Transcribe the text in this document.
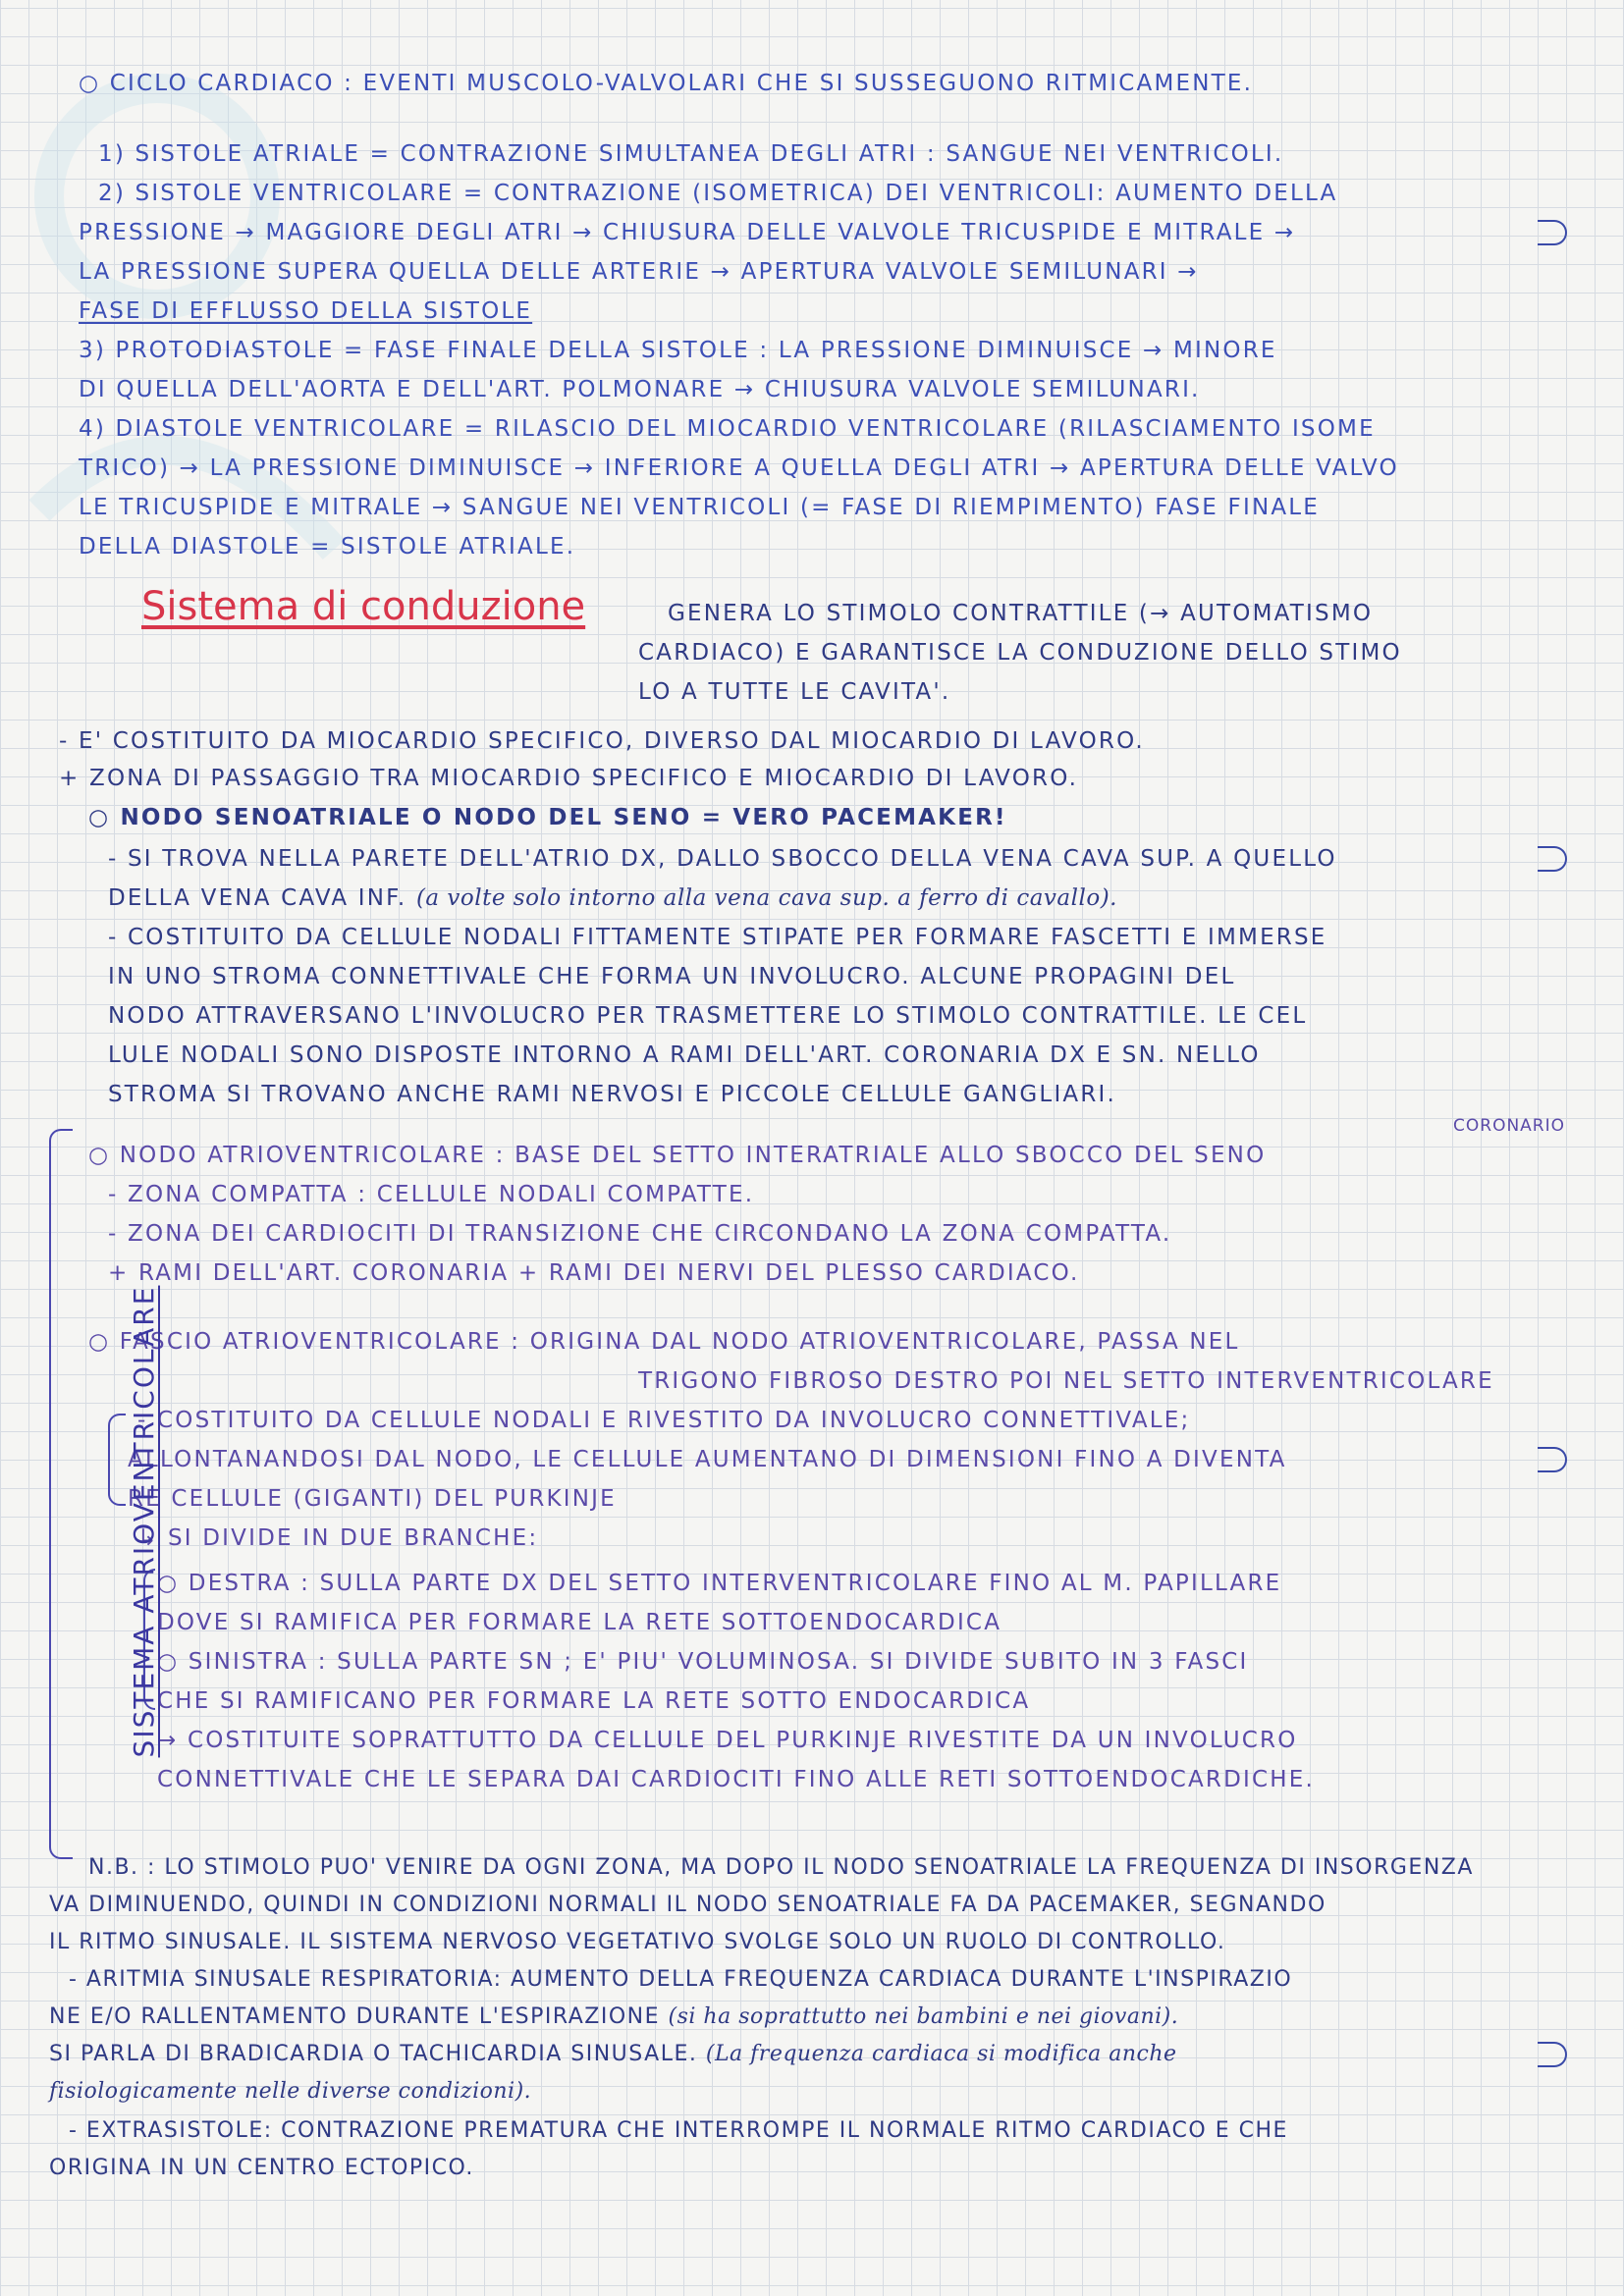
○ CICLO CARDIACO : EVENTI MUSCOLO-VALVOLARI CHE SI SUSSEGUONO RITMICAMENTE.
1) SISTOLE ATRIALE = CONTRAZIONE SIMULTANEA DEGLI ATRI : SANGUE NEI VENTRICOLI.
2) SISTOLE VENTRICOLARE = CONTRAZIONE (ISOMETRICA) DEI VENTRICOLI: AUMENTO DELLA
PRESSIONE → MAGGIORE DEGLI ATRI → CHIUSURA DELLE VALVOLE TRICUSPIDE E MITRALE →
LA PRESSIONE SUPERA QUELLA DELLE ARTERIE → APERTURA VALVOLE SEMILUNARI →
FASE DI EFFLUSSO DELLA SISTOLE
3) PROTODIASTOLE = FASE FINALE DELLA SISTOLE : LA PRESSIONE DIMINUISCE → MINORE
DI QUELLA DELL'AORTA E DELL'ART. POLMONARE → CHIUSURA VALVOLE SEMILUNARI.
4) DIASTOLE VENTRICOLARE = RILASCIO DEL MIOCARDIO VENTRICOLARE (RILASCIAMENTO ISOME
TRICO) → LA PRESSIONE DIMINUISCE → INFERIORE A QUELLA DEGLI ATRI → APERTURA DELLE VALVO
LE TRICUSPIDE E MITRALE → SANGUE NEI VENTRICOLI (= FASE DI RIEMPIMENTO) FASE FINALE
DELLA DIASTOLE = SISTOLE ATRIALE.
Sistema di conduzione	GENERA LO STIMOLO CONTRATTILE (→ AUTOMATISMO
CARDIACO) E GARANTISCE LA CONDUZIONE DELLO STIMO
LO A TUTTE LE CAVITA'.
- E' COSTITUITO DA MIOCARDIO SPECIFICO, DIVERSO DAL MIOCARDIO DI LAVORO.
+ ZONA DI PASSAGGIO TRA MIOCARDIO SPECIFICO E MIOCARDIO DI LAVORO.
○ NODO SENOATRIALE O NODO DEL SENO = VERO PACEMAKER!
- SI TROVA NELLA PARETE DELL'ATRIO DX, DALLO SBOCCO DELLA VENA CAVA SUP. A QUELLO
DELLA VENA CAVA INF. (a volte solo intorno alla vena cava sup. a ferro di cavallo).
- COSTITUITO DA CELLULE NODALI FITTAMENTE STIPATE PER FORMARE FASCETTI E IMMERSE
IN UNO STROMA CONNETTIVALE CHE FORMA UN INVOLUCRO. ALCUNE PROPAGINI DEL
NODO ATTRAVERSANO L'INVOLUCRO PER TRASMETTERE LO STIMOLO CONTRATTILE. LE CEL
LULE NODALI SONO DISPOSTE INTORNO A RAMI DELL'ART. CORONARIA DX E SN. NELLO
STROMA SI TROVANO ANCHE RAMI NERVOSI E PICCOLE CELLULE GANGLIARI.
CORONARIO
○ NODO ATRIOVENTRICOLARE : BASE DEL SETTO INTERATRIALE ALLO SBOCCO DEL SENO
- ZONA COMPATTA : CELLULE NODALI COMPATTE.
- ZONA DEI CARDIOCITI DI TRANSIZIONE CHE CIRCONDANO LA ZONA COMPATTA.
+ RAMI DELL'ART. CORONARIA + RAMI DEI NERVI DEL PLESSO CARDIACO.
○ FASCIO ATRIOVENTRICOLARE : ORIGINA DAL NODO ATRIOVENTRICOLARE, PASSA NEL
TRIGONO FIBROSO DESTRO POI NEL SETTO INTERVENTRICOLARE
- COSTITUITO DA CELLULE NODALI E RIVESTITO DA INVOLUCRO CONNETTIVALE;
ALLONTANANDOSI DAL NODO, LE CELLULE AUMENTANO DI DIMENSIONI FINO A DIVENTA
RE CELLULE (GIGANTI) DEL PURKINJE
↳ SI DIVIDE IN DUE BRANCHE:
○ DESTRA : SULLA PARTE DX DEL SETTO INTERVENTRICOLARE FINO AL M. PAPILLARE
DOVE SI RAMIFICA PER FORMARE LA RETE SOTTOENDOCARDICA
○ SINISTRA : SULLA PARTE SN ; E' PIU' VOLUMINOSA. SI DIVIDE SUBITO IN 3 FASCI
CHE SI RAMIFICANO PER FORMARE LA RETE SOTTO ENDOCARDICA
→ COSTITUITE SOPRATTUTTO DA CELLULE DEL PURKINJE RIVESTITE DA UN INVOLUCRO
CONNETTIVALE CHE LE SEPARA DAI CARDIOCITI FINO ALLE RETI SOTTOENDOCARDICHE.
N.B. : LO STIMOLO PUO' VENIRE DA OGNI ZONA, MA DOPO IL NODO SENOATRIALE LA FREQUENZA DI INSORGENZA
VA DIMINUENDO, QUINDI IN CONDIZIONI NORMALI IL NODO SENOATRIALE FA DA PACEMAKER, SEGNANDO
IL RITMO SINUSALE. IL SISTEMA NERVOSO VEGETATIVO SVOLGE SOLO UN RUOLO DI CONTROLLO.
- ARITMIA SINUSALE RESPIRATORIA: AUMENTO DELLA FREQUENZA CARDIACA DURANTE L'INSPIRAZIO
NE E/O RALLENTAMENTO DURANTE L'ESPIRAZIONE (si ha soprattutto nei bambini e nei giovani).
SI PARLA DI BRADICARDIA O TACHICARDIA SINUSALE. (La frequenza cardiaca si modifica anche
fisiologicamente nelle diverse condizioni).
- EXTRASISTOLE: CONTRAZIONE PREMATURA CHE INTERROMPE IL NORMALE RITMO CARDIACO E CHE
ORIGINA IN UN CENTRO ECTOPICO.
SISTEMA ATRIOVENTRICOLARE
